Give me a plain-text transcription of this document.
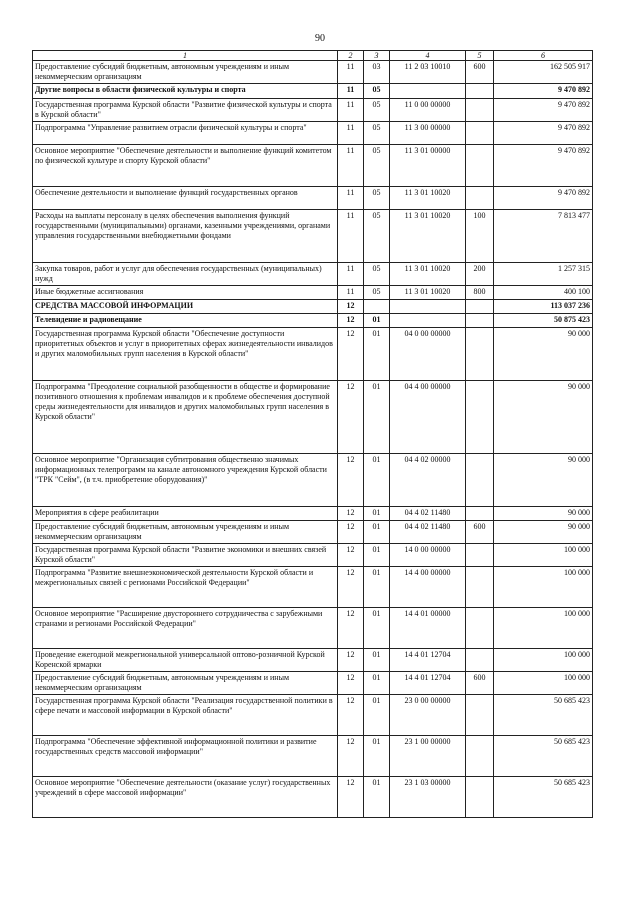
90
1	2	3	4	5	6
Предоставление субсидий бюджетным, автономным учреждениям и иным некоммерческим организациям	11	03	11 2 03 10010	600	162 505 917
Другие вопросы в области физической культуры и спорта	11	05			9 470 892
Государственная программа Курской области "Развитие физической культуры и спорта в Курской области"	11	05	11 0 00 00000		9 470 892
Подпрограмма "Управление развитием отрасли физической культуры и спорта"	11	05	11 3 00 00000		9 470 892
Основное мероприятие "Обеспечение деятельности и выполнение функций комитетом по физической культуре и спорту Курской области"	11	05	11 3 01 00000		9 470 892
Обеспечение деятельности и выполнение функций государственных органов	11	05	11 3 01 10020		9 470 892
Расходы на выплаты персоналу в целях обеспечения выполнения функций государственными (муниципальными) органами, казенными учреждениями, органами управления государственными внебюджетными фондами	11	05	11 3 01 10020	100	7 813 477
Закупка товаров, работ и услуг для обеспечения государственных (муниципальных) нужд	11	05	11 3 01 10020	200	1 257 315
Иные бюджетные ассигнования	11	05	11 3 01 10020	800	400 100
СРЕДСТВА МАССОВОЙ ИНФОРМАЦИИ	12				113 037 236
Телевидение и радиовещание	12	01			50 875 423
Государственная программа Курской области "Обеспечение доступности приоритетных объектов и услуг в приоритетных сферах жизнедеятельности инвалидов и других маломобильных групп населения в Курской области"	12	01	04 0 00 00000		90 000
Подпрограмма "Преодоление социальной разобщенности в обществе и формирование позитивного отношения к проблемам инвалидов и к проблеме обеспечения доступной среды жизнедеятельности для инвалидов и других маломобильных групп населения в Курской области"	12	01	04 4 00 00000		90 000
Основное мероприятие "Организация субтитрования общественно значимых информационных телепрограмм на канале автономного учреждения Курской области "ТРК "Сейм", (в т.ч. приобретение оборудования)"	12	01	04 4 02 00000		90 000
Мероприятия в сфере реабилитации	12	01	04 4 02 11480		90 000
Предоставление субсидий бюджетным, автономным учреждениям и иным некоммерческим организациям	12	01	04 4 02 11480	600	90 000
Государственная программа Курской области "Развитие экономики и внешних связей Курской области"	12	01	14 0 00 00000		100 000
Подпрограмма "Развитие внешнеэкономической деятельности Курской области и межрегиональных связей с регионами Российской Федерации"	12	01	14 4 00 00000		100 000
Основное мероприятие "Расширение двустороннего сотрудничества с зарубежными странами и регионами Российской Федерации"	12	01	14 4 01 00000		100 000
Проведение ежегодной межрегиональной универсальной оптово-розничной Курской Коренской ярмарки	12	01	14 4 01 12704		100 000
Предоставление субсидий бюджетным, автономным учреждениям и иным некоммерческим организациям	12	01	14 4 01 12704	600	100 000
Государственная программа Курской области "Реализация государственной политики в сфере печати и массовой информации в Курской области"	12	01	23 0 00 00000		50 685 423
Подпрограмма "Обеспечение эффективной информационной политики и развитие государственных средств массовой информации"	12	01	23 1 00 00000		50 685 423
Основное мероприятие "Обеспечение деятельности (оказание услуг) государственных учреждений в сфере массовой информации"	12	01	23 1 03 00000		50 685 423
